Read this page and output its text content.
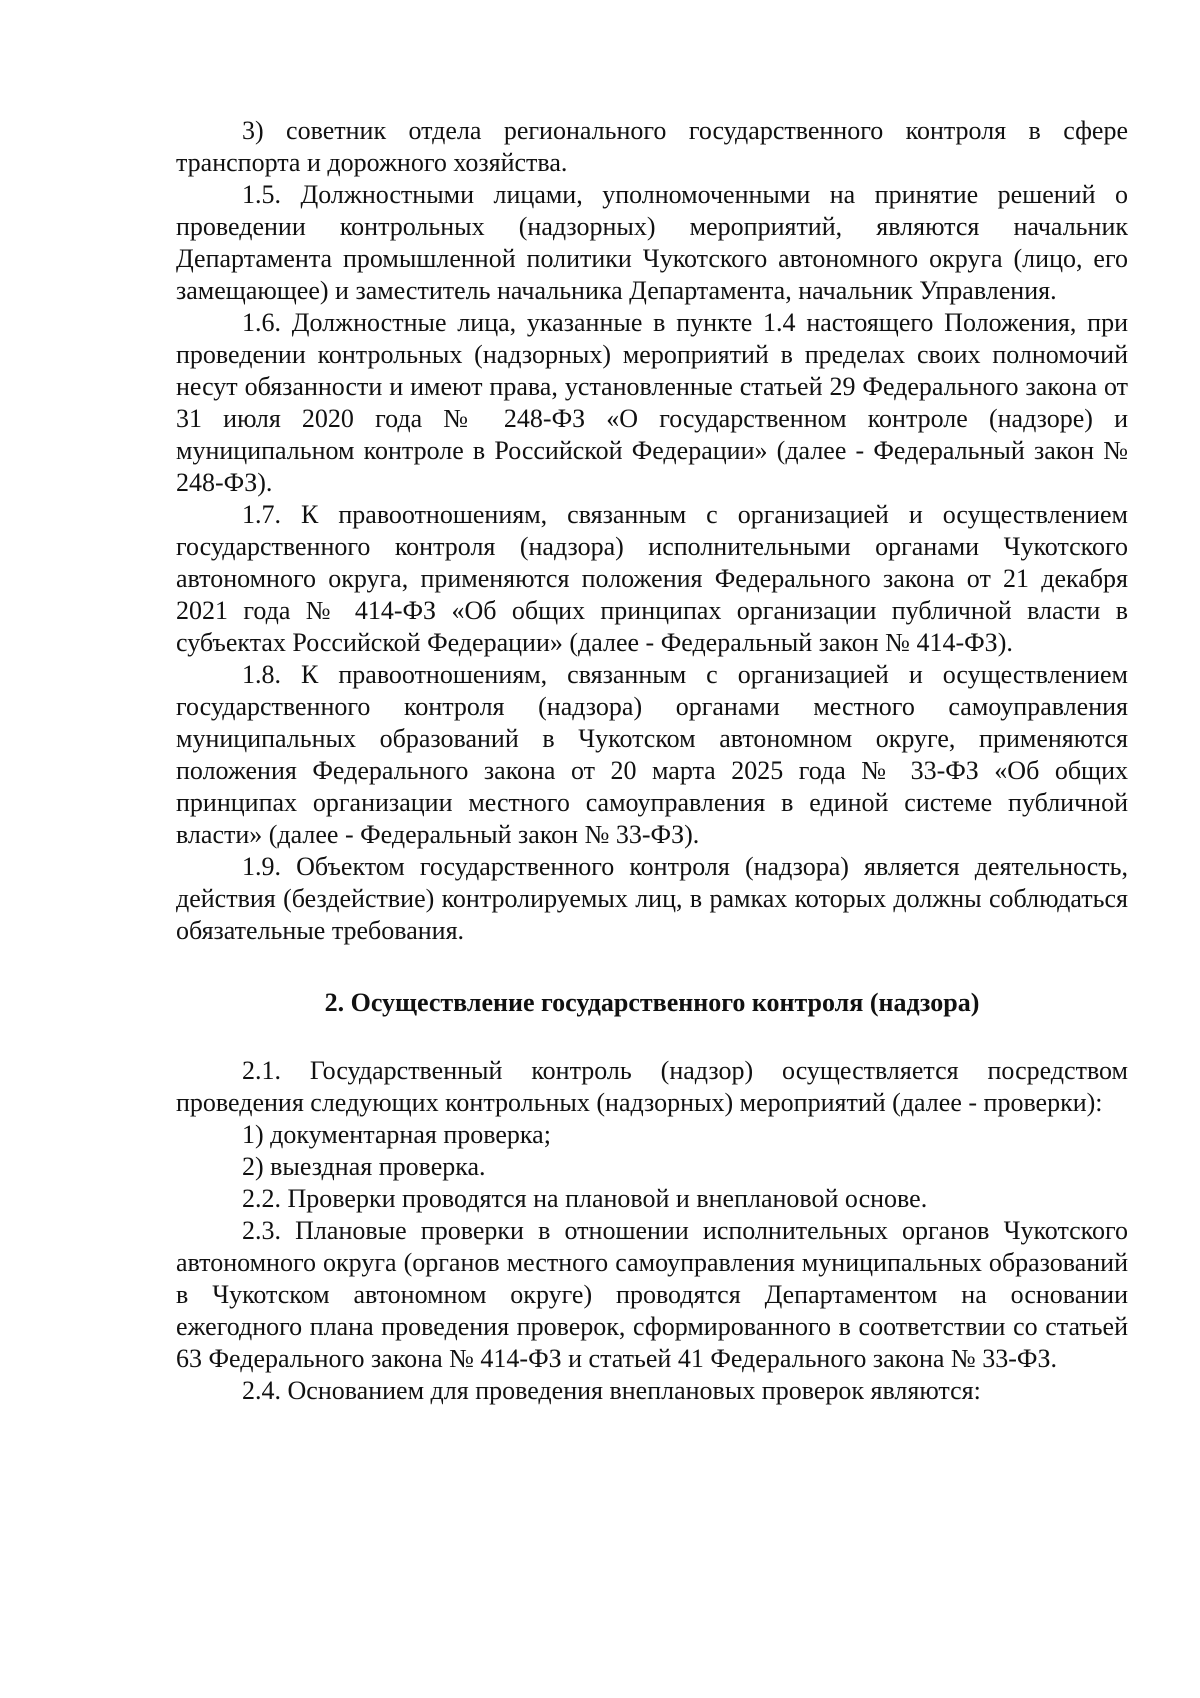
3) советник отдела регионального государственного контроля в сфере транспорта и дорожного хозяйства.

1.5. Должностными лицами, уполномоченными на принятие решений о проведении контрольных (надзорных) мероприятий, являются начальник Департамента промышленной политики Чукотского автономного округа (лицо, его замещающее) и заместитель начальника Департамента, начальник Управления.

1.6. Должностные лица, указанные в пункте 1.4 настоящего Положения, при проведении контрольных (надзорных) мероприятий в пределах своих полномочий несут обязанности и имеют права, установленные статьей 29 Федерального закона от 31 июля 2020 года № 248-ФЗ «О государственном контроле (надзоре) и муниципальном контроле в Российской Федерации» (далее - Федеральный закон № 248-ФЗ).

1.7. К правоотношениям, связанным с организацией и осуществлением государственного контроля (надзора) исполнительными органами Чукотского автономного округа, применяются положения Федерального закона от 21 декабря 2021 года № 414-ФЗ «Об общих принципах организации публичной власти в субъектах Российской Федерации» (далее - Федеральный закон № 414-ФЗ).

1.8. К правоотношениям, связанным с организацией и осуществлением государственного контроля (надзора) органами местного самоуправления муниципальных образований в Чукотском автономном округе, применяются положения Федерального закона от 20 марта 2025 года № 33-ФЗ «Об общих принципах организации местного самоуправления в единой системе публичной власти» (далее - Федеральный закон № 33-ФЗ).

1.9. Объектом государственного контроля (надзора) является деятельность, действия (бездействие) контролируемых лиц, в рамках которых должны соблюдаться обязательные требования.

2. Осуществление государственного контроля (надзора)

2.1. Государственный контроль (надзор) осуществляется посредством проведения следующих контрольных (надзорных) мероприятий (далее - проверки):

1) документарная проверка;

2) выездная проверка.

2.2. Проверки проводятся на плановой и внеплановой основе.

2.3. Плановые проверки в отношении исполнительных органов Чукотского автономного округа (органов местного самоуправления муниципальных образований в Чукотском автономном округе) проводятся Департаментом на основании ежегодного плана проведения проверок, сформированного в соответствии со статьей 63 Федерального закона № 414-ФЗ и статьей 41 Федерального закона № 33-ФЗ.

2.4. Основанием для проведения внеплановых проверок являются:
